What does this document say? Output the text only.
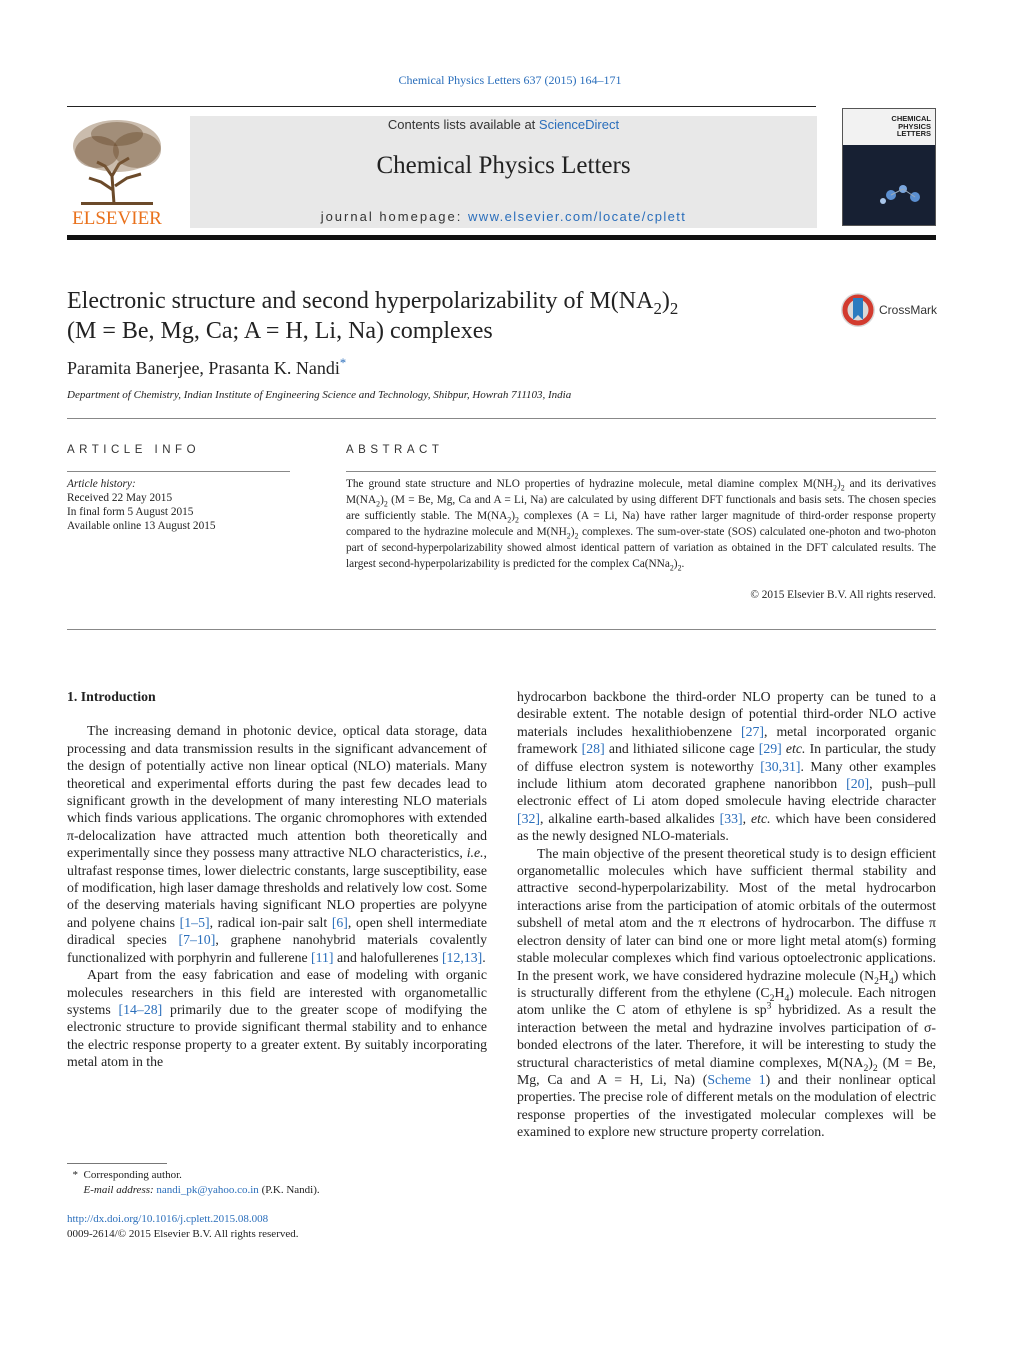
Chemical Physics Letters 637 (2015) 164–171
ELSEVIER
Contents lists available at ScienceDirect
Chemical Physics Letters
journal homepage: www.elsevier.com/locate/cplett
CHEMICAL PHYSICS LETTERS
Electronic structure and second hyperpolarizability of $M(NA_2)_2$
(M = Be, Mg, Ca; A = H, Li, Na) complexes
CrossMark
Paramita Banerjee, Prasanta K. Nandi*
Department of Chemistry, Indian Institute of Engineering Science and Technology, Shibpur, Howrah 711103, India
ARTICLE INFO
Article history:
Received 22 May 2015
In final form 5 August 2015
Available online 13 August 2015
ABSTRACT
The ground state structure and NLO properties of hydrazine molecule, metal diamine complex $M(NH_2)_2$ and its derivatives $M(NA_2)_2$ (M = Be, Mg, Ca and A = Li, Na) are calculated by using different DFT functionals and basis sets. The chosen species are sufficiently stable. The $M(NA_2)_2$ complexes (A = Li, Na) have rather larger magnitude of third-order response property compared to the hydrazine molecule and $M(NH_2)_2$ complexes. The sum-over-state (SOS) calculated one-photon and two-photon part of second-hyperpolarizability showed almost identical pattern of variation as obtained in the DFT calculated results. The largest second-hyperpolarizability is predicted for the complex $Ca(NNa_2)_2$.
© 2015 Elsevier B.V. All rights reserved.

1. Introduction

The increasing demand in photonic device, optical data storage, data processing and data transmission results in the significant advancement of the design of potentially active non linear optical (NLO) materials. Many theoretical and experimental efforts during the past few decades lead to significant growth in the development of many interesting NLO materials which finds various applications. The organic chromophores with extended π-delocalization have attracted much attention both theoretically and experimentally since they possess many attractive NLO characteristics, i.e., ultrafast response times, lower dielectric constants, large susceptibility, ease of modification, high laser damage thresholds and relatively low cost. Some of the deserving materials having significant NLO properties are polyyne and polyene chains [1–5], radical ion-pair salt [6], open shell intermediate diradical species [7–10], graphene nanohybrid materials covalently functionalized with porphyrin and fullerene [11] and halofullerenes [12,13].

Apart from the easy fabrication and ease of modeling with organic molecules researchers in this field are interested with organometallic systems [14–28] primarily due to the greater scope of modifying the electronic structure to provide significant thermal stability and to enhance the electric response property to a greater extent. By suitably incorporating metal atom in the

hydrocarbon backbone the third-order NLO property can be tuned to a desirable extent. The notable design of potential third-order NLO active materials includes hexalithiobenzene [27], metal incorporated organic framework [28] and lithiated silicone cage [29] etc. In particular, the study of diffuse electron system is noteworthy [30,31]. Many other examples include lithium atom decorated graphene nanoribbon [20], push–pull electronic effect of Li atom doped smolecule having electride character [32], alkaline earth-based alkalides [33], etc. which have been considered as the newly designed NLO-materials.

The main objective of the present theoretical study is to design efficient organometallic molecules which have sufficient thermal stability and attractive second-hyperpolarizability. Most of the metal hydrocarbon interactions arise from the participation of atomic orbitals of the outermost subshell of metal atom and the π electrons of hydrocarbon. The diffuse π electron density of later can bind one or more light metal atom(s) forming stable molecular complexes which find various optoelectronic applications. In the present work, we have considered hydrazine molecule $(N_2H_4)$ which is structurally different from the ethylene $(C_2H_4)$ molecule. Each nitrogen atom unlike the C atom of ethylene is $sp^3$ hybridized. As a result the interaction between the metal and hydrazine involves participation of σ-bonded electrons of the later. Therefore, it will be interesting to study the structural characteristics of metal diamine complexes, $M(NA_2)_2$ (M = Be, Mg, Ca and A = H, Li, Na) (Scheme 1) and their nonlinear optical properties. The precise role of different metals on the modulation of electric response properties of the investigated molecular complexes will be examined to explore new structure property correlation.

* Corresponding author.
E-mail address: nandi_pk@yahoo.co.in (P.K. Nandi).
http://dx.doi.org/10.1016/j.cplett.2015.08.008
0009-2614/© 2015 Elsevier B.V. All rights reserved.
